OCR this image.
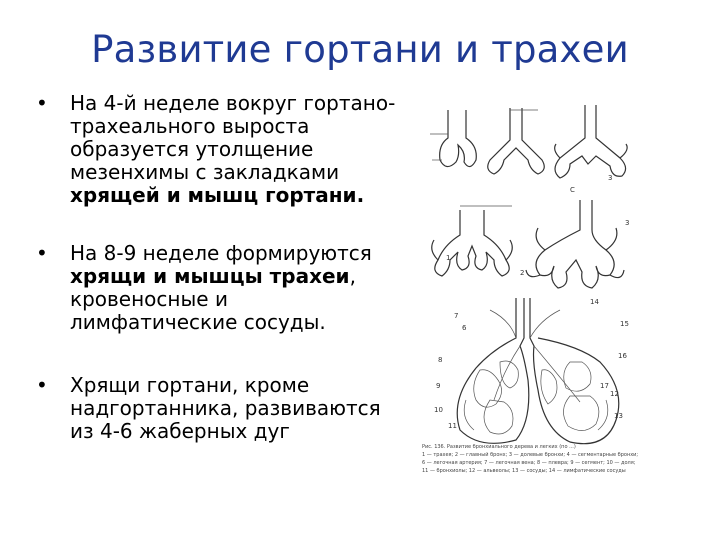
Развитие гортани и трахеи
• На 4-й неделе вокруг гортано-
трахеального выроста
образуется утолщение
мезенхимы с закладками
хрящей и мышц гортани.
• На 8-9 неделе формируются
хрящи и мышцы трахеи,
кровеносные и
лимфатические сосуды.
• Хрящи гортани, кроме
надгортанника, развиваются
из 4-6 жаберных дуг
C
3
2
3
7
6
8
9
10
11
14
15
16
12
13
17
1
Рис. 136. Развитие бронхиального дерева и легких (по ...)
1 — трахея; 2 — главный бронх; 3 — долевые бронхи; 4 — сегментарные бронхи;
6 — легочная артерия; 7 — легочная вена; 8 — плевра; 9 — сегмент; 10 — доля;
11 — бронхиолы; 12 — альвеолы; 13 — сосуды; 14 — лимфатические сосуды
